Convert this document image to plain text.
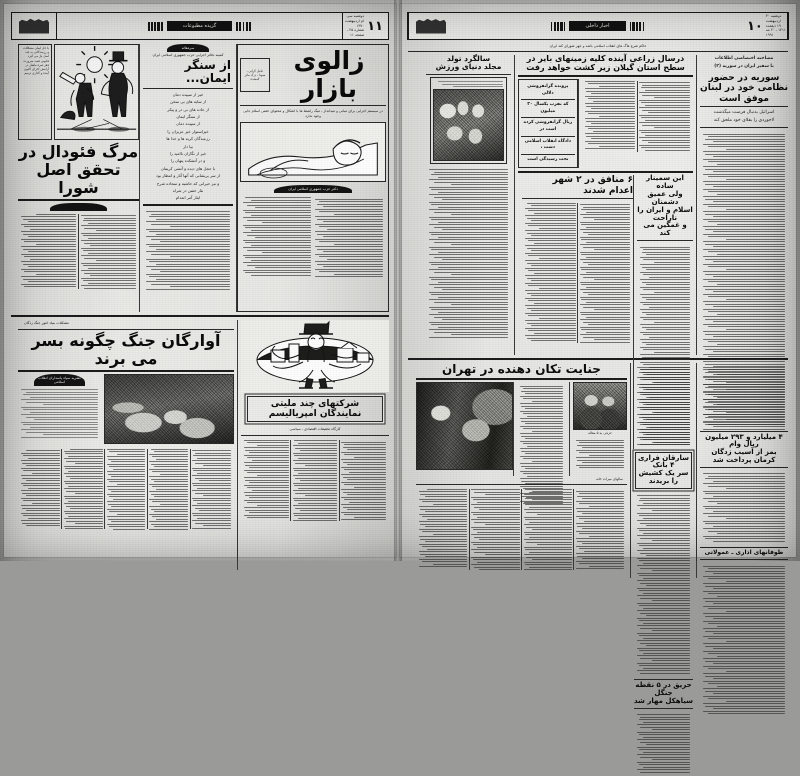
۱۱
دوشنبه سی ام اردیبهشت ۱۳۷۰
شماره ۲۵ ـ صفحه ۱۱
گزیده مطبوعات
زالوی بازار
عامل گرانی ـ سودا ـ درک ماتر گمشده
در سیستم اجرایی برای مبانی و میدانداز ـ میگ راهبط ها با اشکال و محتوای خفتی اسلام جایی وجود ندارد
دکتر حزب جمهوری اسلامی ایران
سرمقاله
کمیته دفاتر اجرایی حزب جمهوری اسلامی ایران
از سنگر ایمان...
خیز از سپیده دمان
از سایه های بی سخن
از جاده های بی در و پیکر
از سنگر ایمان
از سپیده دمان
خیزاستوار خیز عزیزان را
رزمندگان کربه ها و خدا ها
بپا دار
خیز از نگاران ناامید را
و در آتشکده پنهان را
با حجل های دیده و آتشی کریمان
از سر پریشانی که آنها آثار و انتظار بود
و نیز حیرانی که حاشیه و سجاده شرح
نثار خفتن در شراه
ایثار آمر انعدام
با حل ایمان مشکلات و رزمندگانی به چند اصل باز می گیرد قانونی قصد ضرورت فقر ثمره ماهیار در آرامش اجرای اکنون آینده و گذاری ترمیم
مرگ فئودال در تحقق اصل شورا

شرکتهای چند ملیتی
نمایندگان امپریالیسم
کارگاه تحقیقات اقتصادی ـ سیاسی
مشکلات بنیاد امور جنگ زدگان
آوارگان جنگ چگونه بسر می برند
نشریه سپاه پاسداران انقلاب اسلامی
اخبار داخلی	۱۰
دوشنبه ۳۰ اردیبهشت
۱۹ ذیقعده ۱۴۱۱ ـ ۲۰ مه ۱۹۹۱
حاکم شرع هاگ های انقلاب اسلامی باشد و جهر شورای کند ایران
مصاحبه اختصاصی اطلاعات
با سفیر ایران در سوریه (۲)
سوریه در حضور نظامی خود در لبنان موفق است
اسرائیل بدنبال فرصت میگذشت
لاجوردی را بقلای خود ملحق کند
درسال زراعی آینده کلیه زمینهای بایر در سطح استان گیلان زیر کشت خواهد رفت
پرونده گرانفروشی دلالی
که نفرب یکسال ۳۰ میلیون
ریال گرانفروشی کرده است در
دادگاه انقلاب اسلامی دشت ،
تحت رسیدگی است
این سمینار ساده
ولی عمیق دشمنان
اسلام و ایران را ناراحت
و غمگین می کند
۶ منافق در ۲ شهر
اعدام شدند
سالگرد تولد
مجلد دنیای ورزش
۴ میلیارد و ۲۹۳ میلیون ریال وام
بمز از آسیب زدگان کرمان پرداخت شد
طوفانهای اداری ـ عمولاتی
سارقان فراری ۴ بانک
سر یک کشیش را بریدند
حریق در ۵ نقطه جنگل
سیاهکل مهار شد
جنایت تکان دهنده در تهران
حرفی به ۵ مقاله
سالهای میراث خانه
